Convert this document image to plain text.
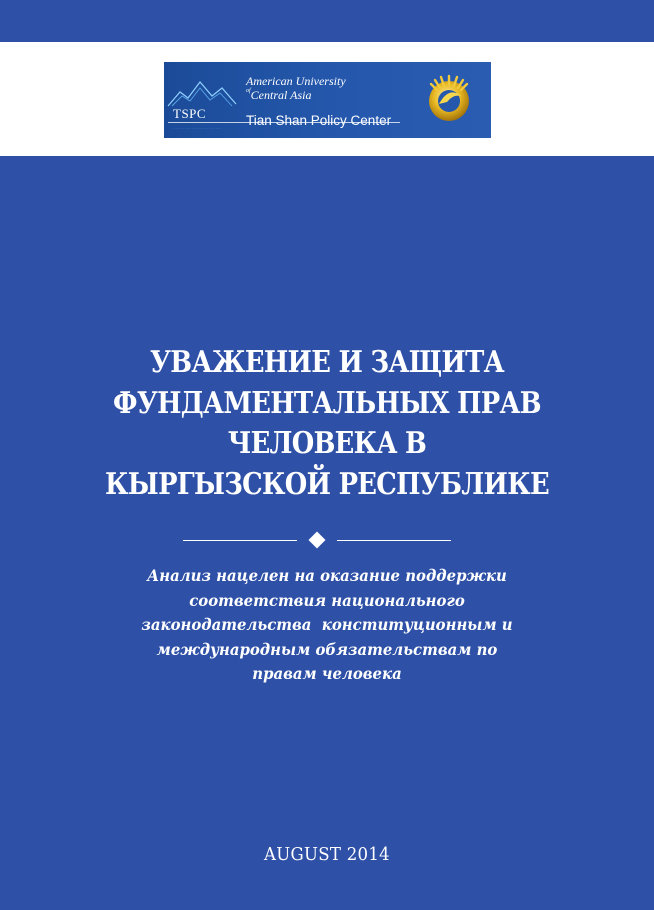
TSPC
· · · · · · · · · · · · · · · · · · · · · · · · · · ·
American University
$^{of}$Central Asia
Tian Shan Policy Center
УВАЖЕНИЕ И ЗАЩИТА
ФУНДАМЕНТАЛЬНЫХ ПРАВ
ЧЕЛОВЕКА В
КЫРГЫЗСКОЙ РЕСПУБЛИКЕ
Анализ нацелен на оказание поддержки
соответствия национального
законодательства  конституционным и
международным обязательствам по
правам человека
AUGUST 2014
